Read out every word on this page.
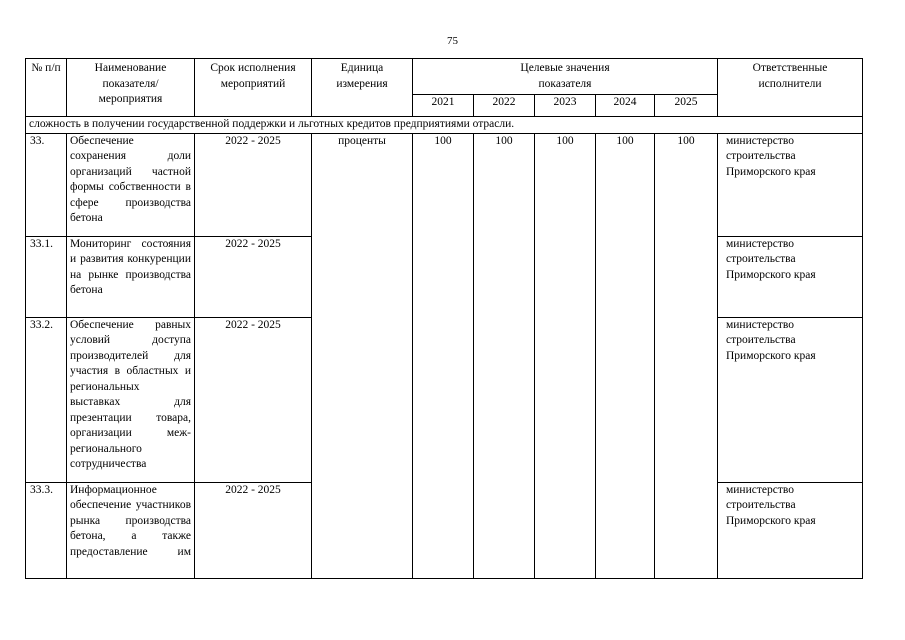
75
№ п/п	Наименование показателя/мероприятия	Срок исполнения мероприятий	Единица измерения	Целевые значения показателя					Ответственные исполнители
				2021	2022	2023	2024	2025	
сложность в получении государственной поддержки и льготных кредитов предприятиями отрасли.									
33.	Обеспечение сохранения доли организаций частной формы собственности в сфере производства бетона	2022 - 2025	проценты	100	100	100	100	100	министерство строительства Приморского края
33.1.	Мониторинг состояния и развития конкуренции на рынке производства бетона	2022 - 2025							министерство строительства Приморского края
33.2.	Обеспечение равных условий доступа производителей для участия в областных и региональных выставках для презентации товара, организации меж-регионального сотрудничества	2022 - 2025							министерство строительства Приморского края
33.3.	Информационное обеспечение участников рынка производства бетона, а также предоставление им	2022 - 2025							министерство строительства Приморского края
